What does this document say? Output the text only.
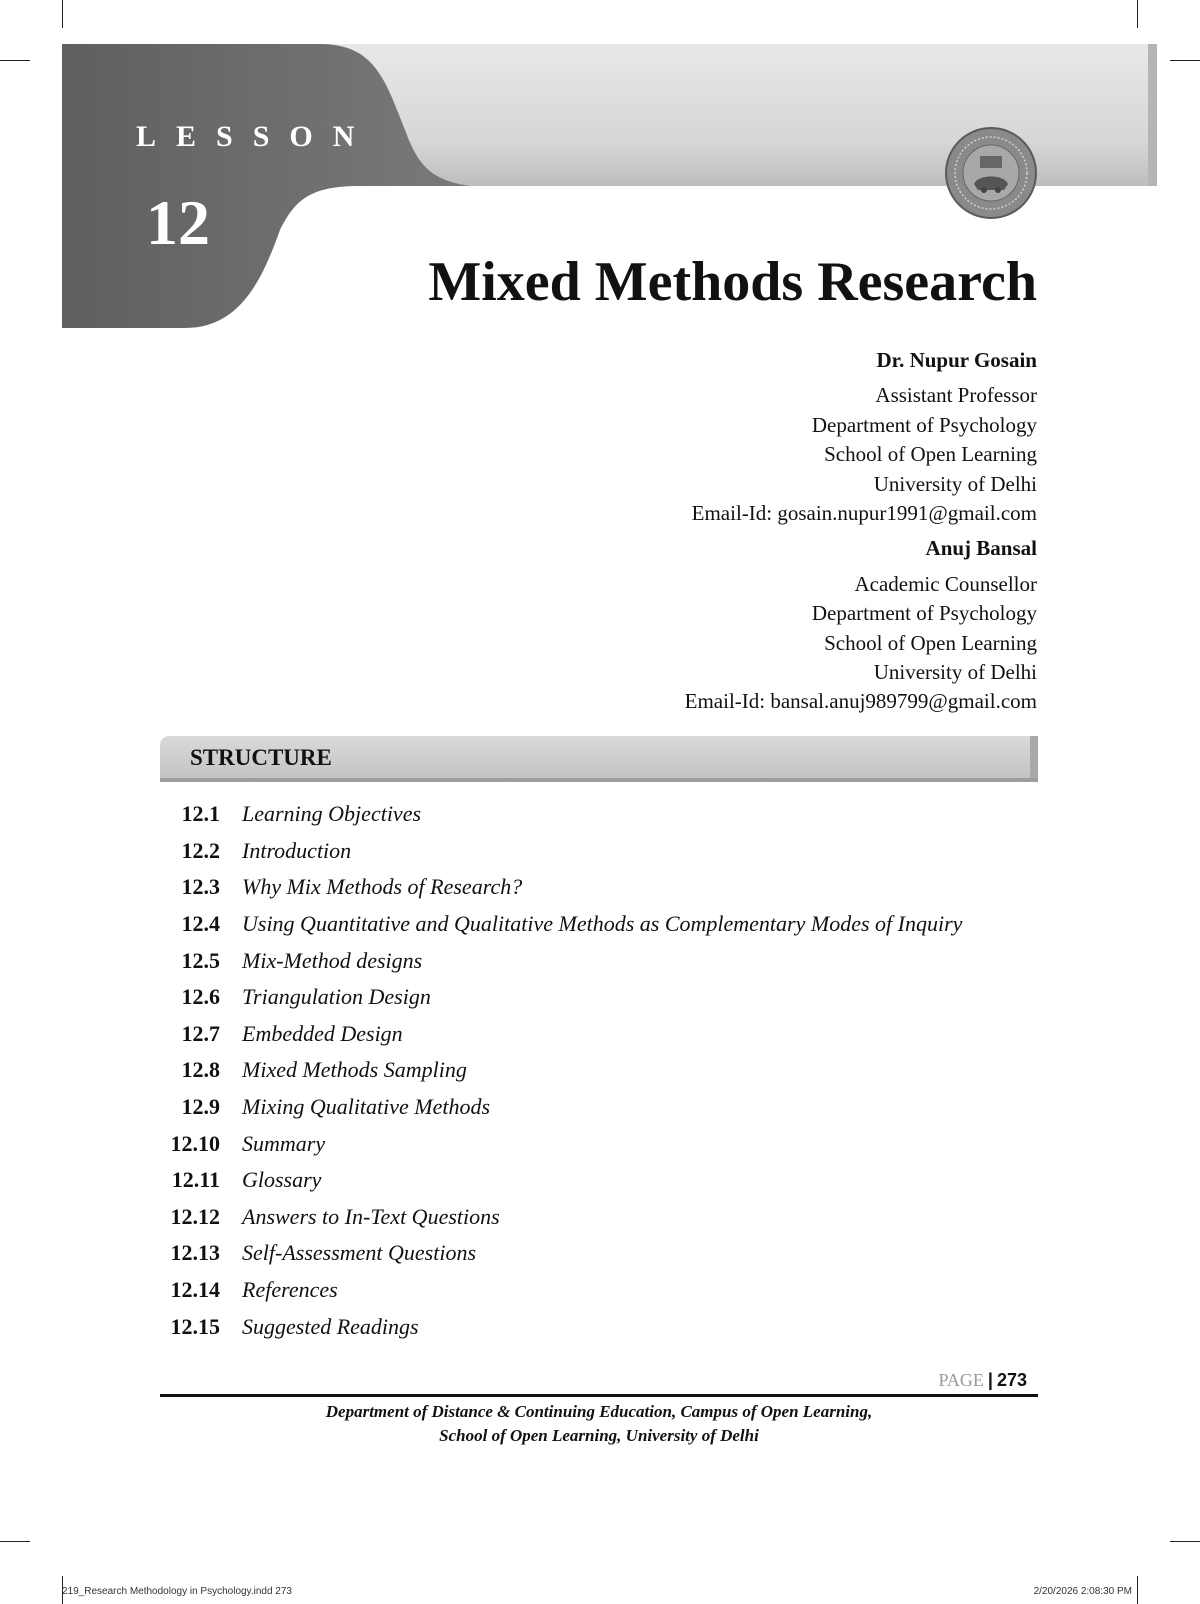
LESSON
12
Mixed Methods Research
Dr. Nupur Gosain
Assistant Professor
Department of Psychology
School of Open Learning
University of Delhi
Email-Id: gosain.nupur1991@gmail.com
Anuj Bansal
Academic Counsellor
Department of Psychology
School of Open Learning
University of Delhi
Email-Id: bansal.anuj989799@gmail.com
STRUCTURE
12.1 Learning Objectives
12.2 Introduction
12.3 Why Mix Methods of Research?
12.4 Using Quantitative and Qualitative Methods as Complementary Modes of Inquiry
12.5 Mix-Method designs
12.6 Triangulation Design
12.7 Embedded Design
12.8 Mixed Methods Sampling
12.9 Mixing Qualitative Methods
12.10 Summary
12.11 Glossary
12.12 Answers to In-Text Questions
12.13 Self-Assessment Questions
12.14 References
12.15 Suggested Readings
PAGE | 273
Department of Distance & Continuing Education, Campus of Open Learning,
School of Open Learning, University of Delhi
219_Research Methodology in Psychology.indd 273	2/20/2026 2:08:30 PM
